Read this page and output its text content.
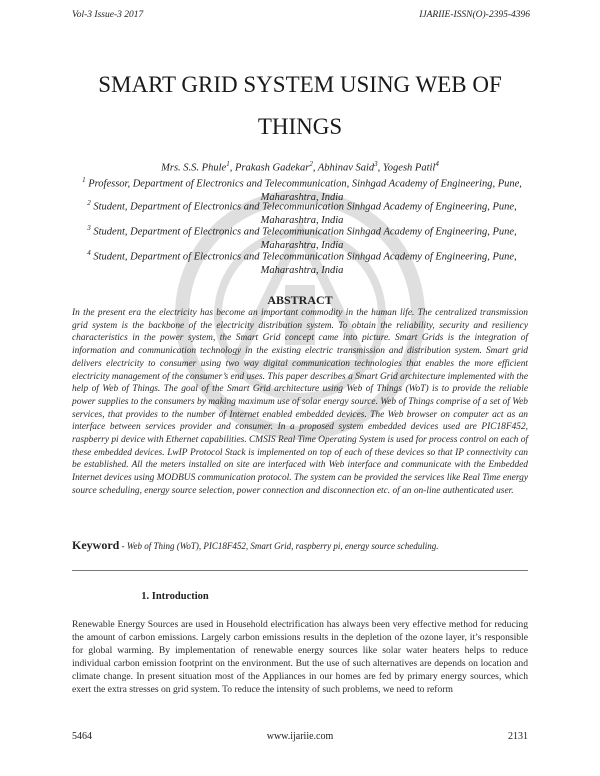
Vol-3 Issue-3 2017	IJARIIE-ISSN(O)-2395-4396
SMART GRID SYSTEM USING WEB OF
THINGS
Mrs. S.S. Phule$^1$, Prakash Gadekar$^2$, Abhinav Said$^3$, Yogesh Patil$^4$
$^1$ Professor, Department of Electronics and Telecommunication, Sinhgad Academy of Engineering, Pune, Maharashtra, India
$^2$ Student, Department of Electronics and Telecommunication Sinhgad Academy of Engineering, Pune, Maharashtra, India
$^3$ Student, Department of Electronics and Telecommunication Sinhgad Academy of Engineering, Pune, Maharashtra, India
$^4$ Student, Department of Electronics and Telecommunication Sinhgad Academy of Engineering, Pune, Maharashtra, India
ABSTRACT
In the present era the electricity has become an important commodity in the human life. The centralized transmission grid system is the backbone of the electricity distribution system. To obtain the reliability, security and resiliency characteristics in the power system, the Smart Grid concept came into picture. Smart Grids is the integration of information and communication technology in the existing electric transmission and distribution system. Smart grid delivers electricity to consumer using two way digital communication technologies that enables the more efficient electricity management of the consumer’s end uses. This paper describes a Smart Grid architecture implemented with the help of Web of Things. The goal of the Smart Grid architecture using Web of Things (WoT) is to provide the reliable power supplies to the consumers by making maximum use of solar energy source. Web of Things comprise of a set of Web services, that provides to the number of Internet enabled embedded devices. The Web browser on computer act as an interface between services provider and consumer. In a proposed system embedded devices used are PIC18F452, raspberry pi device with Ethernet capabilities. CMSIS Real Time Operating System is used for process control on each of these embedded devices. LwIP Protocol Stack is implemented on top of each of these devices so that IP connectivity can be established. All the meters installed on site are interfaced with Web interface and communicate with the Embedded Internet devices using MODBUS communication protocol. The system can be provided the services like Real Time energy source scheduling, energy source selection, power connection and disconnection etc. of an on-line authenticated user.
Keyword - Web of Thing (WoT), PIC18F452, Smart Grid, raspberry pi, energy source scheduling.
1. Introduction
Renewable Energy Sources are used in Household electrification has always been very effective method for reducing the amount of carbon emissions. Largely carbon emissions results in the depletion of the ozone layer, it’s responsible for global warming. By implementation of renewable energy sources like solar water heaters helps to reduce individual carbon emission footprint on the environment. But the use of such alternatives are depends on location and climate change. In present situation most of the Appliances in our homes are fed by primary energy sources, which exert the extra stresses on grid system. To reduce the intensity of such problems, we need to reform
5464	www.ijariie.com	2131
